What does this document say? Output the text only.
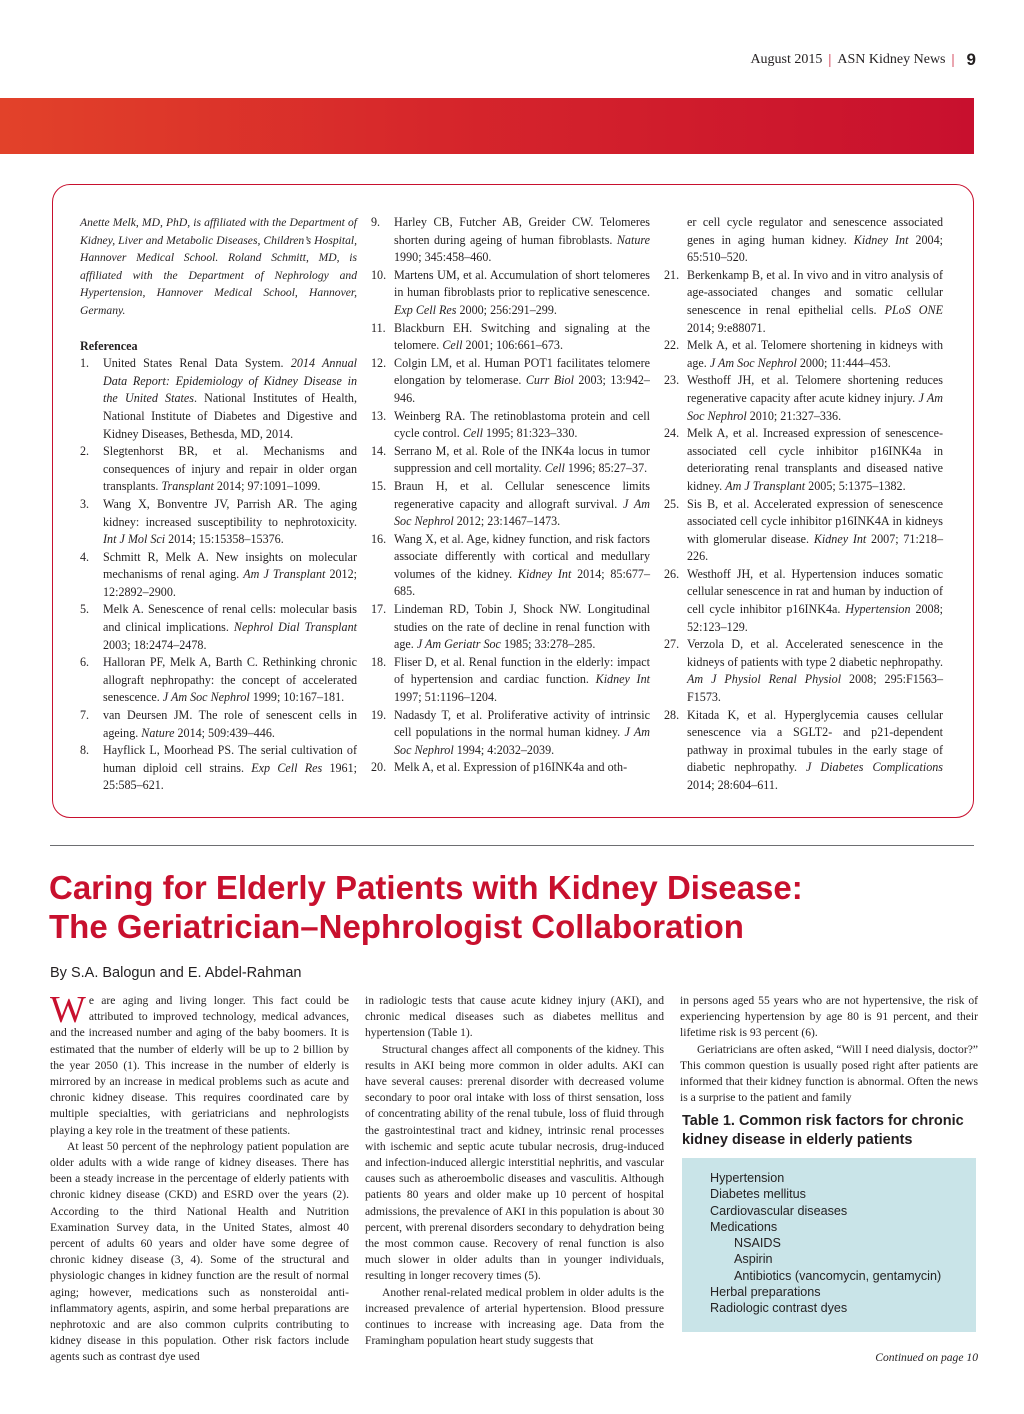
August 2015 | ASN Kidney News | 9
Anette Melk, MD, PhD, is affiliated with the Department of Kidney, Liver and Metabolic Diseases, Children’s Hospital, Hannover Medical School. Roland Schmitt, MD, is affiliated with the Department of Nephrology and Hypertension, Hannover Medical School, Hannover, Germany.
Referencea
1. United States Renal Data System. 2014 Annual Data Report: Epidemiology of Kidney Disease in the United States. National Institutes of Health, National Institute of Diabetes and Digestive and Kidney Diseases, Bethesda, MD, 2014.
2. Slegtenhorst BR, et al. Mechanisms and consequences of injury and repair in older organ transplants. Transplant 2014; 97:1091–1099.
3. Wang X, Bonventre JV, Parrish AR. The aging kidney: increased susceptibility to nephrotoxicity. Int J Mol Sci 2014; 15:15358–15376.
4. Schmitt R, Melk A. New insights on molecular mechanisms of renal aging. Am J Transplant 2012; 12:2892–2900.
5. Melk A. Senescence of renal cells: molecular basis and clinical implications. Nephrol Dial Transplant 2003; 18:2474–2478.
6. Halloran PF, Melk A, Barth C. Rethinking chronic allograft nephropathy: the concept of accelerated senescence. J Am Soc Nephrol 1999; 10:167–181.
7. van Deursen JM. The role of senescent cells in ageing. Nature 2014; 509:439–446.
8. Hayflick L, Moorhead PS. The serial cultivation of human diploid cell strains. Exp Cell Res 1961; 25:585–621.
9. Harley CB, Futcher AB, Greider CW. Telomeres shorten during ageing of human fibroblasts. Nature 1990; 345:458–460.
10. Martens UM, et al. Accumulation of short telomeres in human fibroblasts prior to replicative senescence. Exp Cell Res 2000; 256:291–299.
11. Blackburn EH. Switching and signaling at the telomere. Cell 2001; 106:661–673.
12. Colgin LM, et al. Human POT1 facilitates telomere elongation by telomerase. Curr Biol 2003; 13:942–946.
13. Weinberg RA. The retinoblastoma protein and cell cycle control. Cell 1995; 81:323–330.
14. Serrano M, et al. Role of the INK4a locus in tumor suppression and cell mortality. Cell 1996; 85:27–37.
15. Braun H, et al. Cellular senescence limits regenerative capacity and allograft survival. J Am Soc Nephrol 2012; 23:1467–1473.
16. Wang X, et al. Age, kidney function, and risk factors associate differently with cortical and medullary volumes of the kidney. Kidney Int 2014; 85:677–685.
17. Lindeman RD, Tobin J, Shock NW. Longitudinal studies on the rate of decline in renal function with age. J Am Geriatr Soc 1985; 33:278–285.
18. Fliser D, et al. Renal function in the elderly: impact of hypertension and cardiac function. Kidney Int 1997; 51:1196–1204.
19. Nadasdy T, et al. Proliferative activity of intrinsic cell populations in the normal human kidney. J Am Soc Nephrol 1994; 4:2032–2039.
20. Melk A, et al. Expression of p16INK4a and oth-
er cell cycle regulator and senescence associated genes in aging human kidney. Kidney Int 2004; 65:510–520.
21. Berkenkamp B, et al. In vivo and in vitro analysis of age-associated changes and somatic cellular senescence in renal epithelial cells. PLoS ONE 2014; 9:e88071.
22. Melk A, et al. Telomere shortening in kidneys with age. J Am Soc Nephrol 2000; 11:444–453.
23. Westhoff JH, et al. Telomere shortening reduces regenerative capacity after acute kidney injury. J Am Soc Nephrol 2010; 21:327–336.
24. Melk A, et al. Increased expression of senescence-associated cell cycle inhibitor p16INK4a in deteriorating renal transplants and diseased native kidney. Am J Transplant 2005; 5:1375–1382.
25. Sis B, et al. Accelerated expression of senescence associated cell cycle inhibitor p16INK4A in kidneys with glomerular disease. Kidney Int 2007; 71:218–226.
26. Westhoff JH, et al. Hypertension induces somatic cellular senescence in rat and human by induction of cell cycle inhibitor p16INK4a. Hypertension 2008; 52:123–129.
27. Verzola D, et al. Accelerated senescence in the kidneys of patients with type 2 diabetic nephropathy. Am J Physiol Renal Physiol 2008; 295:F1563–F1573.
28. Kitada K, et al. Hyperglycemia causes cellular senescence via a SGLT2- and p21-dependent pathway in proximal tubules in the early stage of diabetic nephropathy. J Diabetes Complications 2014; 28:604–611.
Caring for Elderly Patients with Kidney Disease:
The Geriatrician–Nephrologist Collaboration
By S.A. Balogun and E. Abdel-Rahman

We are aging and living longer. This fact could be attributed to improved technology, medical advances, and the increased number and aging of the baby boomers. It is estimated that the number of elderly will be up to 2 billion by the year 2050 (1). This increase in the number of elderly is mirrored by an increase in medical problems such as acute and chronic kidney disease. This requires coordinated care by multiple specialties, with geriatricians and nephrologists playing a key role in the treatment of these patients.

At least 50 percent of the nephrology patient population are older adults with a wide range of kidney diseases. There has been a steady increase in the percentage of elderly patients with chronic kidney disease (CKD) and ESRD over the years (2). According to the third National Health and Nutrition Examination Survey data, in the United States, almost 40 percent of adults 60 years and older have some degree of chronic kidney disease (3, 4). Some of the structural and physiologic changes in kidney function are the result of normal aging; however, medications such as nonsteroidal anti-inflammatory agents, aspirin, and some herbal preparations are nephrotoxic and are also common culprits contributing to kidney disease in this population. Other risk factors include agents such as contrast dye used

in radiologic tests that cause acute kidney injury (AKI), and chronic medical diseases such as diabetes mellitus and hypertension (Table 1).

Structural changes affect all components of the kidney. This results in AKI being more common in older adults. AKI can have several causes: prerenal disorder with decreased volume secondary to poor oral intake with loss of thirst sensation, loss of concentrating ability of the renal tubule, loss of fluid through the gastrointestinal tract and kidney, intrinsic renal processes with ischemic and septic acute tubular necrosis, drug-induced and infection-induced allergic interstitial nephritis, and vascular causes such as atheroembolic diseases and vasculitis. Although patients 80 years and older make up 10 percent of hospital admissions, the prevalence of AKI in this population is about 30 percent, with prerenal disorders secondary to dehydration being the most common cause. Recovery of renal function is also much slower in older adults than in younger individuals, resulting in longer recovery times (5).

Another renal-related medical problem in older adults is the increased prevalence of arterial hypertension. Blood pressure continues to increase with increasing age. Data from the Framingham population heart study suggests that

in persons aged 55 years who are not hypertensive, the risk of experiencing hypertension by age 80 is 91 percent, and their lifetime risk is 93 percent (6).

Geriatricians are often asked, “Will I need dialysis, doctor?” This common question is usually posed right after patients are informed that their kidney function is abnormal. Often the news is a surprise to the patient and family

Table 1. Common risk factors for chronic kidney disease in elderly patients
Hypertension
Diabetes mellitus
Cardiovascular diseases
Medications
NSAIDS
Aspirin
Antibiotics (vancomycin, gentamycin)
Herbal preparations
Radiologic contrast dyes
Continued on page 10
